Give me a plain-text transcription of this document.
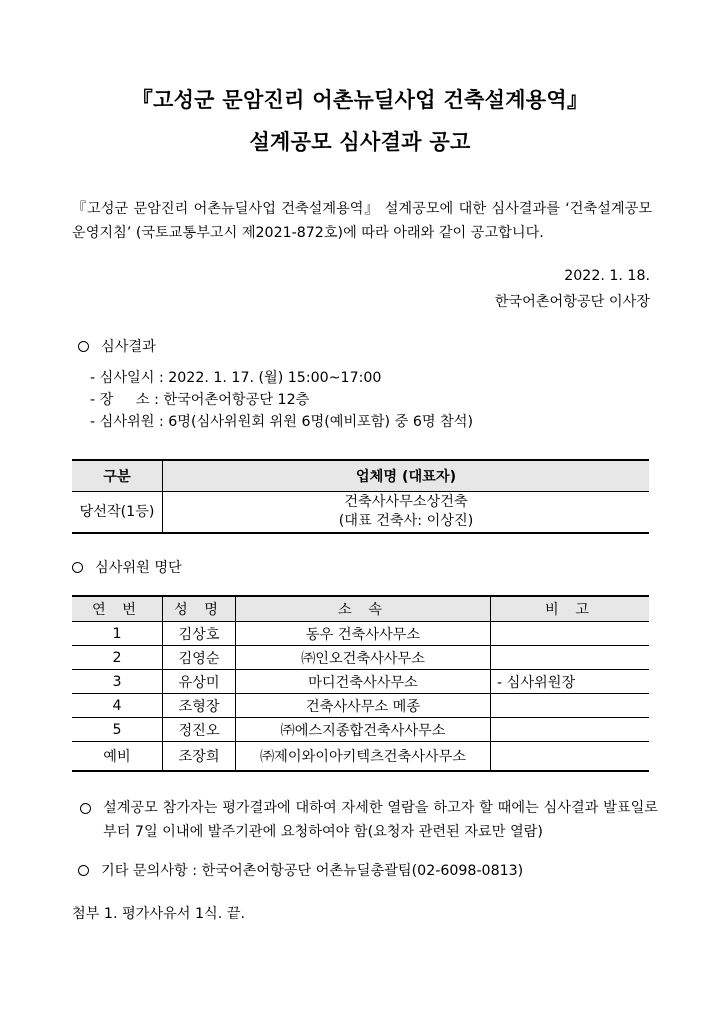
『고성군 문암진리 어촌뉴딜사업 건축설계용역』
설계공모 심사결과 공고
『고성군 문암진리 어촌뉴딜사업 건축설계용역』 설계공모에 대한 심사결과를 ‘건축설계공모 운영지침’ (국토교통부고시 제2021-872호)에 따라 아래와 같이 공고합니다.
2022. 1. 18.
한국어촌어항공단 이사장
심사결과
- 심사일시 : 2022. 1. 17. (월) 15:00~17:00
- 장     소 : 한국어촌어항공단 12층
- 심사위원 : 6명(심사위원회 위원 6명(예비포함) 중 6명 참석)
구분	업체명 (대표자)
당선작(1등)	건축사사무소상건축
(대표 건축사: 이상진)
심사위원 명단
연 번	성 명	소 속	비 고
1	김상호	동우 건축사사무소	
2	김영순	㈜인오건축사사무소	
3	유상미	마디건축사사무소	- 심사위원장
4	조형장	건축사사무소 메종	
5	정진오	㈜에스지종합건축사사무소	
예비	조장희	㈜제이와이아키텍츠건축사사무소	
설계공모 참가자는 평가결과에 대하여 자세한 열람을 하고자 할 때에는 심사결과 발표일로부터 7일 이내에 발주기관에 요청하여야 함(요청자 관련된 자료만 열람)
기타 문의사항 : 한국어촌어항공단 어촌뉴딜총괄팀(02-6098-0813)
첨부 1. 평가사유서 1식. 끝.
